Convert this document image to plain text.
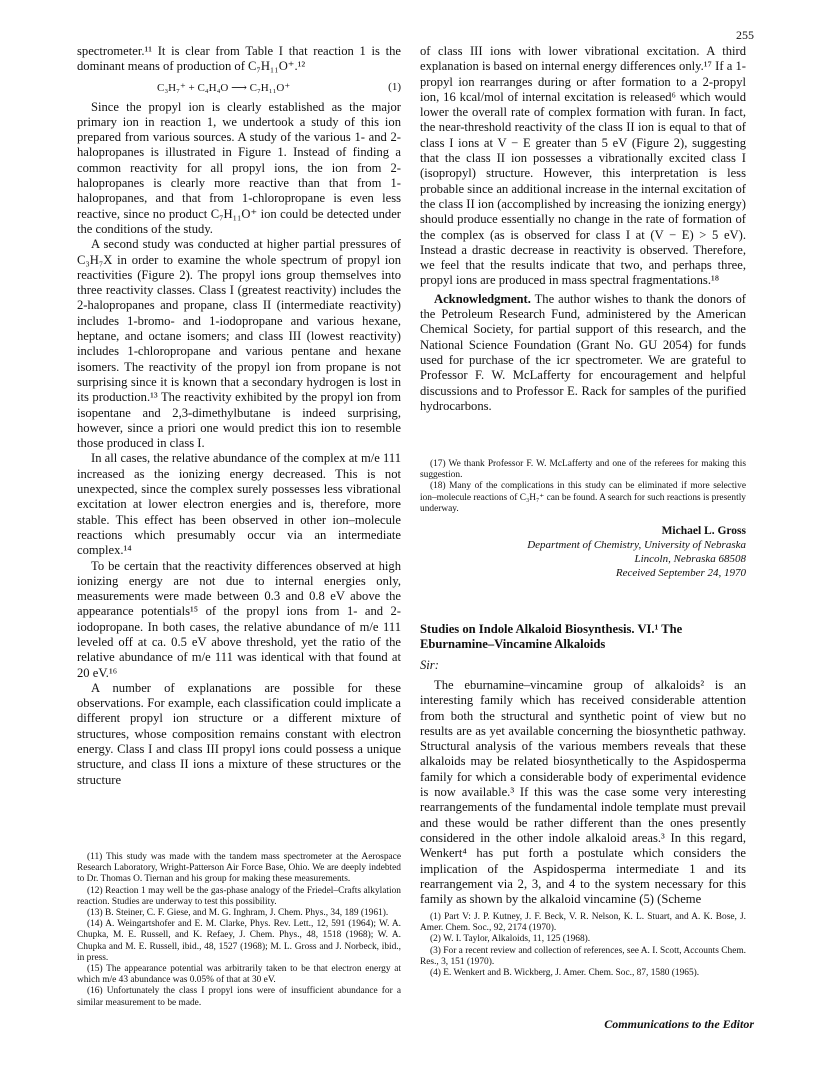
255

spectrometer.¹¹ It is clear from Table I that reaction 1 is the dominant means of production of C₇H₁₁O⁺.¹²

C₃H₇⁺ + C₄H₄O ⟶ C₇H₁₁O⁺	(1)

Since the propyl ion is clearly established as the major primary ion in reaction 1, we undertook a study of this ion prepared from various sources. A study of the various 1- and 2-halopropanes is illustrated in Figure 1. Instead of finding a common reactivity for all propyl ions, the ion from 2-halopropanes is clearly more reactive than that from 1-halopropanes, and that from 1-chloropropane is even less reactive, since no product C₇H₁₁O⁺ ion could be detected under the conditions of the study.

A second study was conducted at higher partial pressures of C₃H₇X in order to examine the whole spectrum of propyl ion reactivities (Figure 2). The propyl ions group themselves into three reactivity classes. Class I (greatest reactivity) includes the 2-halopropanes and propane, class II (intermediate reactivity) includes 1-bromo- and 1-iodopropane and various hexane, heptane, and octane isomers; and class III (lowest reactivity) includes 1-chloropropane and various pentane and hexane isomers. The reactivity of the propyl ion from propane is not surprising since it is known that a secondary hydrogen is lost in its production.¹³ The reactivity exhibited by the propyl ion from isopentane and 2,3-dimethylbutane is indeed surprising, however, since a priori one would predict this ion to resemble those produced in class I.

In all cases, the relative abundance of the complex at m/e 111 increased as the ionizing energy decreased. This is not unexpected, since the complex surely possesses less vibrational excitation at lower electron energies and is, therefore, more stable. This effect has been observed in other ion–molecule reactions which presumably occur via an intermediate complex.¹⁴

To be certain that the reactivity differences observed at high ionizing energy are not due to internal energies only, measurements were made between 0.3 and 0.8 eV above the appearance potentials¹⁵ of the propyl ions from 1- and 2-iodopropane. In both cases, the relative abundance of m/e 111 leveled off at ca. 0.5 eV above threshold, yet the ratio of the relative abundance of m/e 111 was identical with that found at 20 eV.¹⁶

A number of explanations are possible for these observations. For example, each classification could implicate a different propyl ion structure or a different mixture of structures, whose composition remains constant with electron energy. Class I and class III propyl ions could possess a unique structure, and class II ions a mixture of these structures or the structure

(11) This study was made with the tandem mass spectrometer at the Aerospace Research Laboratory, Wright-Patterson Air Force Base, Ohio. We are deeply indebted to Dr. Thomas O. Tiernan and his group for making these measurements.

(12) Reaction 1 may well be the gas-phase analogy of the Friedel–Crafts alkylation reaction. Studies are underway to test this possibility.

(13) B. Steiner, C. F. Giese, and M. G. Inghram, J. Chem. Phys., 34, 189 (1961).

(14) A. Weingartshofer and E. M. Clarke, Phys. Rev. Lett., 12, 591 (1964); W. A. Chupka, M. E. Russell, and K. Refaey, J. Chem. Phys., 48, 1518 (1968); W. A. Chupka and M. E. Russell, ibid., 48, 1527 (1968); M. L. Gross and J. Norbeck, ibid., in press.

(15) The appearance potential was arbitrarily taken to be that electron energy at which m/e 43 abundance was 0.05% of that at 30 eV.

(16) Unfortunately the class I propyl ions were of insufficient abundance for a similar measurement to be made.

of class III ions with lower vibrational excitation. A third explanation is based on internal energy differences only.¹⁷ If a 1-propyl ion rearranges during or after formation to a 2-propyl ion, 16 kcal/mol of internal excitation is released⁶ which would lower the overall rate of complex formation with furan. In fact, the near-threshold reactivity of the class II ion is equal to that of class I ions at V − E greater than 5 eV (Figure 2), suggesting that the class II ion possesses a vibrationally excited class I (isopropyl) structure. However, this interpretation is less probable since an additional increase in the internal excitation of the class II ion (accomplished by increasing the ionizing energy) should produce essentially no change in the rate of formation of the complex (as is observed for class I at (V − E) > 5 eV). Instead a drastic decrease in reactivity is observed. Therefore, we feel that the results indicate that two, and perhaps three, propyl ions are produced in mass spectral fragmentations.¹⁸

Acknowledgment. The author wishes to thank the donors of the Petroleum Research Fund, administered by the American Chemical Society, for partial support of this research, and the National Science Foundation (Grant No. GU 2054) for funds used for purchase of the icr spectrometer. We are grateful to Professor F. W. McLafferty for encouragement and helpful discussions and to Professor E. Rack for samples of the purified hydrocarbons.

(17) We thank Professor F. W. McLafferty and one of the referees for making this suggestion.

(18) Many of the complications in this study can be eliminated if more selective ion–molecule reactions of C₃H₇⁺ can be found. A search for such reactions is presently underway.

Michael L. Gross
Department of Chemistry, University of Nebraska
Lincoln, Nebraska 68508
Received September 24, 1970
Studies on Indole Alkaloid Biosynthesis. VI.¹ The Eburnamine–Vincamine Alkaloids
Sir:

The eburnamine–vincamine group of alkaloids² is an interesting family which has received considerable attention from both the structural and synthetic point of view but no results are as yet available concerning the biosynthetic pathway. Structural analysis of the various members reveals that these alkaloids may be related biosynthetically to the Aspidosperma family for which a considerable body of experimental evidence is now available.³ If this was the case some very interesting rearrangements of the fundamental indole template must prevail and these would be rather different than the ones presently considered in the other indole alkaloid areas.³ In this regard, Wenkert⁴ has put forth a postulate which considers the implication of the Aspidosperma intermediate 1 and its rearrangement via 2, 3, and 4 to the system necessary for this family as shown by the alkaloid vincamine (5) (Scheme

(1) Part V: J. P. Kutney, J. F. Beck, V. R. Nelson, K. L. Stuart, and A. K. Bose, J. Amer. Chem. Soc., 92, 2174 (1970).

(2) W. I. Taylor, Alkaloids, 11, 125 (1968).

(3) For a recent review and collection of references, see A. I. Scott, Accounts Chem. Res., 3, 151 (1970).

(4) E. Wenkert and B. Wickberg, J. Amer. Chem. Soc., 87, 1580 (1965).

Communications to the Editor
